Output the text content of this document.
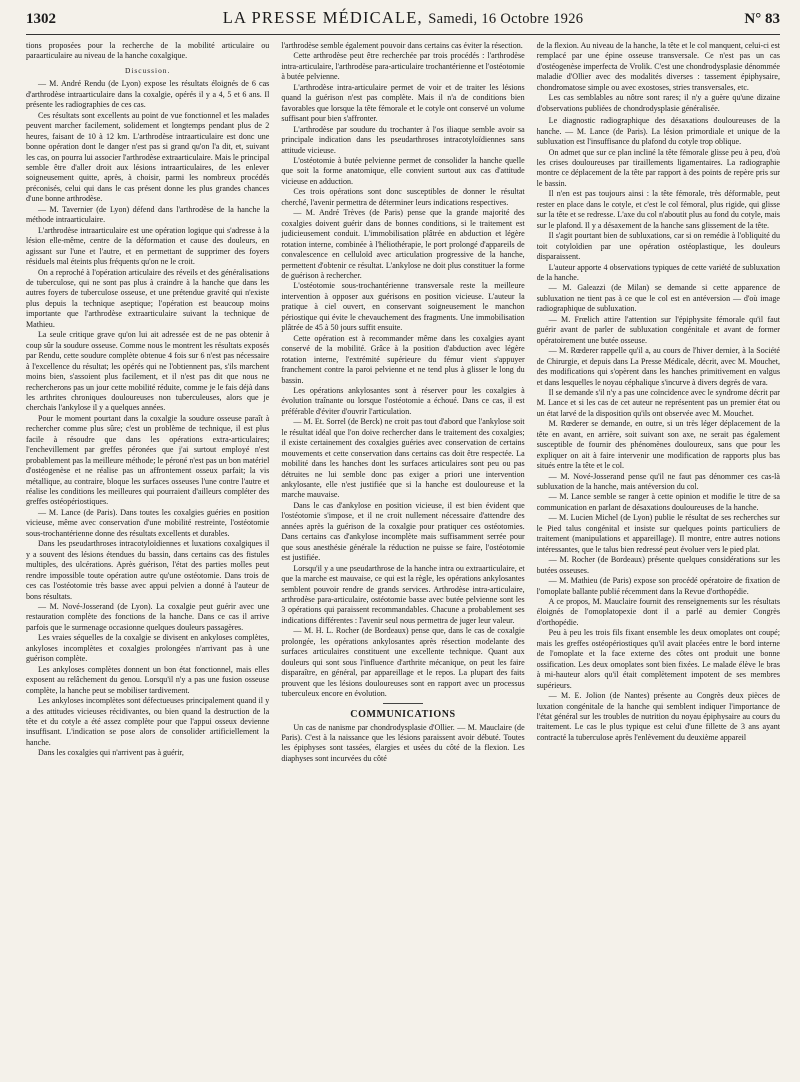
1302	LA PRESSE MÉDICALE, Samedi, 16 Octobre 1926	N° 83

tions proposées pour la recherche de la mobilité articulaire ou paraarticulaire au niveau de la hanche coxalgique.

Discussion.

— M. André Rendu (de Lyon) expose les résultats éloignés de 6 cas d'arthrodèse intraarticulaire dans la coxalgie, opérés il y a 4, 5 et 6 ans. Il présente les radiographies de ces cas.

Ces résultats sont excellents au point de vue fonctionnel et les malades peuvent marcher facilement, solidement et longtemps pendant plus de 2 heures, faisant de 10 à 12 km. L'arthrodèse intraarticulaire est donc une bonne opération dont le danger n'est pas si grand qu'on l'a dit, et, suivant les cas, on pourra lui associer l'arthrodèse extraarticulaire. Mais le principal semble être d'aller droit aux lésions intraarticulaires, de les enlever soigneusement quitte, après, à choisir, parmi les nombreux procédés préconisés, celui qui dans le cas présent donne les plus grandes chances d'une bonne arthrodèse.

— M. Tavernier (de Lyon) défend dans l'arthrodèse de la hanche la méthode intraarticulaire.

L'arthrodèse intraarticulaire est une opération logique qui s'adresse à la lésion elle-même, centre de la déformation et cause des douleurs, en agissant sur l'une et l'autre, et en permettant de supprimer des foyers résiduels mal éteints plus fréquents qu'on ne le croit.

On a reproché à l'opération articulaire des réveils et des généralisations de tuberculose, qui ne sont pas plus à craindre à la hanche que dans les autres foyers de tuberculose osseuse, et une prétendue gravité qui n'existe plus depuis la technique aseptique; l'opération est beaucoup moins importante que l'arthrodèse extraarticulaire suivant la technique de Mathieu.

La seule critique grave qu'on lui ait adressée est de ne pas obtenir à coup sûr la soudure osseuse. Comme nous le montrent les résultats exposés par Rendu, cette soudure complète obtenue 4 fois sur 6 n'est pas nécessaire à l'excellence du résultat; les opérés qui ne l'obtiennent pas, s'ils marchent moins bien, s'assoient plus facilement, et il n'est pas dit que nous ne rechercherons pas un jour cette mobilité réduite, comme je le fais déjà dans les arthrites chroniques douloureuses non tuberculeuses, alors que je cherchais l'ankylose il y a quelques années.

Pour le moment pourtant dans la coxalgie la soudure osseuse paraît à rechercher comme plus sûre; c'est un problème de technique, il est plus facile à résoudre que dans les opérations extra-articulaires; l'enchevillement par greffes péronées que j'ai surtout employé n'est probablement pas la meilleure méthode; le péroné n'est pas un bon matériel d'ostéogenèse et ne réalise pas un affrontement osseux parfait; la vis métallique, au contraire, bloque les surfaces osseuses l'une contre l'autre et réalise les conditions les meilleures qui pourraient d'ailleurs compléter des greffes ostéopériostiques.

— M. Lance (de Paris). Dans toutes les coxalgies guéries en position vicieuse, même avec conservation d'une mobilité restreinte, l'ostéotomie sous-trochantérienne donne des résultats excellents et durables.

Dans les pseudarthroses intracotyloïdiennes et luxations coxalgiques il y a souvent des lésions étendues du bassin, dans certains cas des fistules multiples, des ulcérations. Après guérison, l'état des parties molles peut rendre impossible toute opération autre qu'une ostéotomie. Dans trois de ces cas l'ostéotomie très basse avec appui pelvien a donné à l'auteur de bons résultats.

— M. Nové-Josserand (de Lyon). La coxalgie peut guérir avec une restauration complète des fonctions de la hanche. Dans ce cas il arrive parfois que le surmenage occasionne quelques douleurs passagères.

Les vraies séquelles de la coxalgie se divisent en ankyloses complètes, ankyloses incomplètes et coxalgies prolongées n'arrivant pas à une guérison complète.

Les ankyloses complètes donnent un bon état fonctionnel, mais elles exposent au relâchement du genou. Lorsqu'il n'y a pas une fusion osseuse complète, la hanche peut se mobiliser tardivement.

Les ankyloses incomplètes sont défectueuses principalement quand il y a des attitudes vicieuses récidivantes, ou bien quand la destruction de la tête et du cotyle a été assez complète pour que l'appui osseux devienne insuffisant. L'indication se pose alors de consolider artificiellement la hanche.

Dans les coxalgies qui n'arrivent pas à guérir,

l'arthrodèse semble également pouvoir dans certains cas éviter la résection.

Cette arthrodèse peut être recherchée par trois procédés : l'arthrodèse intra-articulaire, l'arthrodèse para-articulaire trochantérienne et l'ostéotomie à butée pelvienne.

L'arthrodèse intra-articulaire permet de voir et de traiter les lésions quand la guérison n'est pas complète. Mais il n'a de conditions bien favorables que lorsque la tête fémorale et le cotyle ont conservé un volume suffisant pour bien s'affronter.

L'arthrodèse par soudure du trochanter à l'os iliaque semble avoir sa principale indication dans les pseudarthroses intracotyloïdiennes sans attitude vicieuse.

L'ostéotomie à butée pelvienne permet de consolider la hanche quelle que soit la forme anatomique, elle convient surtout aux cas d'attitude vicieuse en adduction.

Ces trois opérations sont donc susceptibles de donner le résultat cherché, l'avenir permettra de déterminer leurs indications respectives.

— M. André Trèves (de Paris) pense que la grande majorité des coxalgies doivent guérir dans de bonnes conditions, si le traitement est judicieusement conduit. L'immobilisation plâtrée en abduction et légère rotation interne, combinée à l'héliothérapie, le port prolongé d'appareils de convalescence en celluloïd avec articulation progressive de la hanche, permettent d'obtenir ce résultat. L'ankylose ne doit plus constituer la forme de guérison à rechercher.

L'ostéotomie sous-trochantérienne transversale reste la meilleure intervention à opposer aux guérisons en position vicieuse. L'auteur la pratique à ciel ouvert, en conservant soigneusement le manchon périostique qui évite le chevauchement des fragments. Une immobilisation plâtrée de 45 à 50 jours suffit ensuite.

Cette opération est à recommander même dans les coxalgies ayant conservé de la mobilité. Grâce à la position d'abduction avec légère rotation interne, l'extrémité supérieure du fémur vient s'appuyer franchement contre la paroi pelvienne et ne tend plus à glisser le long du bassin.

Les opérations ankylosantes sont à réserver pour les coxalgies à évolution traînante ou lorsque l'ostéotomie a échoué. Dans ce cas, il est préférable d'éviter d'ouvrir l'articulation.

— M. Et. Sorrel (de Berck) ne croit pas tout d'abord que l'ankylose soit le résultat idéal que l'on doive rechercher dans le traitement des coxalgies; il existe certainement des coxalgies guéries avec conservation de certains mouvements et cette conservation dans certains cas doit être respectée. La mobilité dans les hanches dont les surfaces articulaires sont peu ou pas détruites ne lui semble donc pas exiger a priori une intervention ankylosante, elle n'est justifiée que si la hanche est douloureuse et la marche mauvaise.

Dans le cas d'ankylose en position vicieuse, il est bien évident que l'ostéotomie s'impose, et il ne croit nullement nécessaire d'attendre des années après la guérison de la coxalgie pour pratiquer ces ostéotomies. Dans certains cas d'ankylose incomplète mais suffisamment serrée pour que sous anesthésie générale la réduction ne puisse se faire, l'ostéotomie est justifiée.

Lorsqu'il y a une pseudarthrose de la hanche intra ou extraarticulaire, et que la marche est mauvaise, ce qui est la règle, les opérations ankylosantes semblent pouvoir rendre de grands services. Arthrodèse intra-articulaire, arthrodèse para-articulaire, ostéotomie basse avec butée pelvienne sont les 3 opérations qui paraissent recommandables. Chacune a probablement ses indications différentes : l'avenir seul nous permettra de juger leur valeur.

— M. H. L. Rocher (de Bordeaux) pense que, dans le cas de coxalgie prolongée, les opérations ankylosantes après résection modelante des surfaces articulaires constituent une excellente technique. Quant aux douleurs qui sont sous l'influence d'arthrite mécanique, on peut les faire disparaître, en général, par appareillage et le repos. La plupart des faits prouvent que les lésions douloureuses sont en rapport avec un processus tuberculeux encore en évolution.

COMMUNICATIONS

Un cas de nanisme par chondrodysplasie d'Ollier. — M. Mauclaire (de Paris). C'est à la naissance que les lésions paraissent avoir débuté. Toutes les épiphyses sont tassées, élargies et usées du côté de la flexion. Les diaphyses sont incurvées du côté

de la flexion. Au niveau de la hanche, la tête et le col manquent, celui-ci est remplacé par une épine osseuse transversale. Ce n'est pas un cas d'ostéogenèse imperfecta de Vrolik. C'est une chondrodysplasie dénommée maladie d'Ollier avec des modalités diverses : tassement épiphysaire, chondromatose simple ou avec exostoses, stries transversales, etc.

Les cas semblables au nôtre sont rares; il n'y a guère qu'une dizaine d'observations publiées de chondrodysplasie généralisée.

Le diagnostic radiographique des désaxations douloureuses de la hanche. — M. Lance (de Paris). La lésion primordiale et unique de la subluxation est l'insuffisance du plafond du cotyle trop oblique.

On admet que sur ce plan incliné la tête fémorale glisse peu à peu, d'où les crises douloureuses par tiraillements ligamentaires. La radiographie montre ce déplacement de la tête par rapport à des points de repère pris sur le bassin.

Il n'en est pas toujours ainsi : la tête fémorale, très déformable, peut rester en place dans le cotyle, et c'est le col fémoral, plus rigide, qui glisse sur la tête et se redresse. L'axe du col n'aboutit plus au fond du cotyle, mais sur le plafond. Il y a désaxement de la hanche sans glissement de la tête.

Il s'agit pourtant bien de subluxations, car si on remédie à l'obliquité du toit cotyloïdien par une opération ostéoplastique, les douleurs disparaissent.

L'auteur apporte 4 observations typiques de cette variété de subluxation de la hanche.

— M. Galeazzi (de Milan) se demande si cette apparence de subluxation ne tient pas à ce que le col est en antéversion — d'où image radiographique de subluxation.

— M. Frœlich attire l'attention sur l'épiphysite fémorale qu'il faut guérir avant de parler de subluxation congénitale et avant de former opératoirement une butée osseuse.

— M. Rœderer rappelle qu'il a, au cours de l'hiver dernier, à la Société de Chirurgie, et depuis dans La Presse Médicale, décrit, avec M. Mouchet, des modifications qui s'opèrent dans les hanches primitivement en valgus et dans lesquelles le noyau céphalique s'incurve à divers degrés de vara.

Il se demande s'il n'y a pas une coïncidence avec le syndrome décrit par M. Lance et si les cas de cet auteur ne représentent pas un premier état ou un état larvé de la disposition qu'ils ont observée avec M. Mouchet.

M. Rœderer se demande, en outre, si un très léger déplacement de la tête en avant, en arrière, soit suivant son axe, ne serait pas également susceptible de fournir des phénomènes douloureux, sans que pour les expliquer on ait à faire intervenir une modification de rapports plus bas situés entre la tête et le col.

— M. Nové-Josserand pense qu'il ne faut pas dénommer ces cas-là subluxation de la hanche, mais antéversion du col.

— M. Lance semble se ranger à cette opinion et modifie le titre de sa communication en parlant de désaxations douloureuses de la hanche.

— M. Lucien Michel (de Lyon) publie le résultat de ses recherches sur le Pied talus congénital et insiste sur quelques points particuliers de traitement (manipulations et appareillage). Il montre, entre autres notions intéressantes, que le talus bien redressé peut évoluer vers le pied plat.

— M. Rocher (de Bordeaux) présente quelques considérations sur les butées osseuses.

— M. Mathieu (de Paris) expose son procédé opératoire de fixation de l'omoplate ballante publié récemment dans la Revue d'orthopédie.

A ce propos, M. Mauclaire fournit des renseignements sur les résultats éloignés de l'omoplatopexie dont il a parlé au dernier Congrès d'orthopédie.

Peu à peu les trois fils fixant ensemble les deux omoplates ont coupé; mais les greffes ostéopériostiques qu'il avait placées entre le bord interne de l'omoplate et la face externe des côtes ont produit une bonne ossification. Les deux omoplates sont bien fixées. Le malade élève le bras à mi-hauteur alors qu'il était complètement impotent de ses membres supérieurs.

— M. E. Jolion (de Nantes) présente au Congrès deux pièces de luxation congénitale de la hanche qui semblent indiquer l'importance de l'état général sur les troubles de nutrition du noyau épiphysaire au cours du traitement. Le cas le plus typique est celui d'une fillette de 3 ans ayant contracté la tuberculose après l'enlèvement du deuxième appareil
